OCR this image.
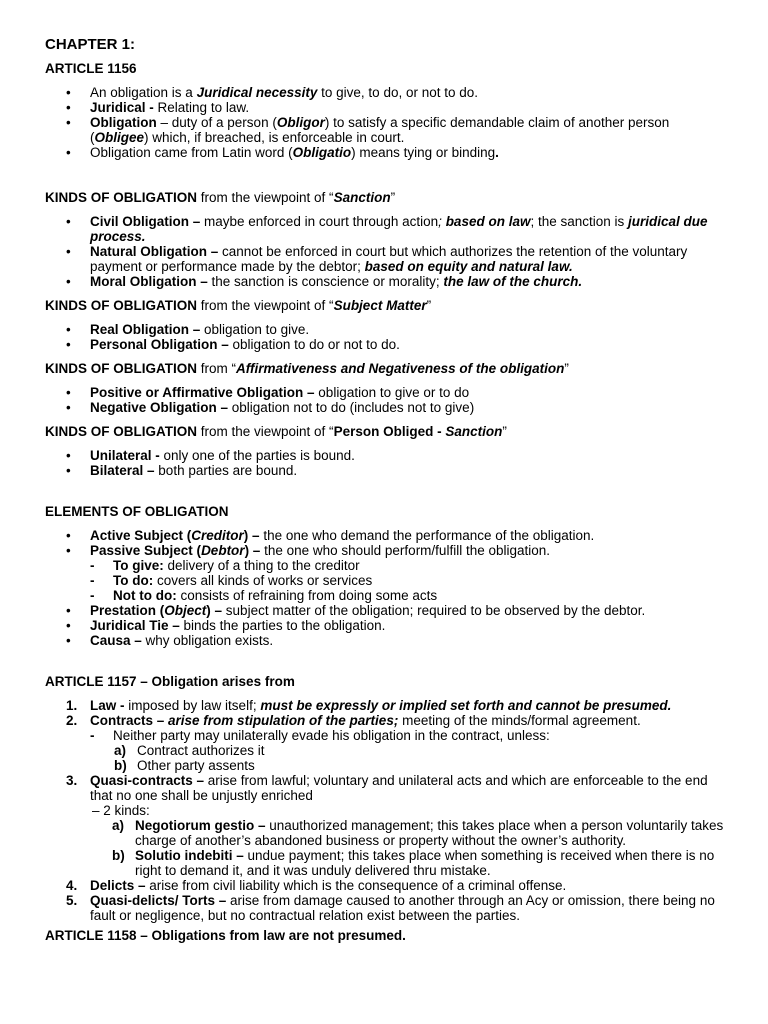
CHAPTER 1:

ARTICLE 1156

• An obligation is a Juridical necessity to give, to do, or not to do.
• Juridical - Relating to law.
• Obligation – duty of a person (Obligor) to satisfy a specific demandable claim of another person (Obligee) which, if breached, is enforceable in court.
• Obligation came from Latin word (Obligatio) means tying or binding.

KINDS OF OBLIGATION from the viewpoint of “Sanction”

• Civil Obligation – maybe enforced in court through action; based on law; the sanction is juridical due process.
• Natural Obligation – cannot be enforced in court but which authorizes the retention of the voluntary payment or performance made by the debtor; based on equity and natural law.
• Moral Obligation – the sanction is conscience or morality; the law of the church.

KINDS OF OBLIGATION from the viewpoint of “Subject Matter”

• Real Obligation – obligation to give.
• Personal Obligation – obligation to do or not to do.

KINDS OF OBLIGATION from “Affirmativeness and Negativeness of the obligation”

• Positive or Affirmative Obligation – obligation to give or to do
• Negative Obligation – obligation not to do (includes not to give)

KINDS OF OBLIGATION from the viewpoint of “Person Obliged - Sanction”

• Unilateral - only one of the parties is bound.
• Bilateral – both parties are bound.

ELEMENTS OF OBLIGATION

• Active Subject (Creditor) – the one who demand the performance of the obligation.
• Passive Subject (Debtor) – the one who should perform/fulfill the obligation.
- To give: delivery of a thing to the creditor
- To do: covers all kinds of works or services
- Not to do: consists of refraining from doing some acts
• Prestation (Object) – subject matter of the obligation; required to be observed by the debtor.
• Juridical Tie – binds the parties to the obligation.
• Causa – why obligation exists.

ARTICLE 1157 – Obligation arises from

1. Law - imposed by law itself; must be expressly or implied set forth and cannot be presumed.
2. Contracts – arise from stipulation of the parties; meeting of the minds/formal agreement.
- Neither party may unilaterally evade his obligation in the contract, unless:
a) Contract authorizes it
b) Other party assents
3. Quasi-contracts – arise from lawful; voluntary and unilateral acts and which are enforceable to the end that no one shall be unjustly enriched
– 2 kinds:
a) Negotiorum gestio – unauthorized management; this takes place when a person voluntarily takes charge of another’s abandoned business or property without the owner’s authority.
b) Solutio indebiti – undue payment; this takes place when something is received when there is no right to demand it, and it was unduly delivered thru mistake.
4. Delicts – arise from civil liability which is the consequence of a criminal offense.
5. Quasi-delicts/ Torts – arise from damage caused to another through an Acy or omission, there being no fault or negligence, but no contractual relation exist between the parties.

ARTICLE 1158 – Obligations from law are not presumed.
